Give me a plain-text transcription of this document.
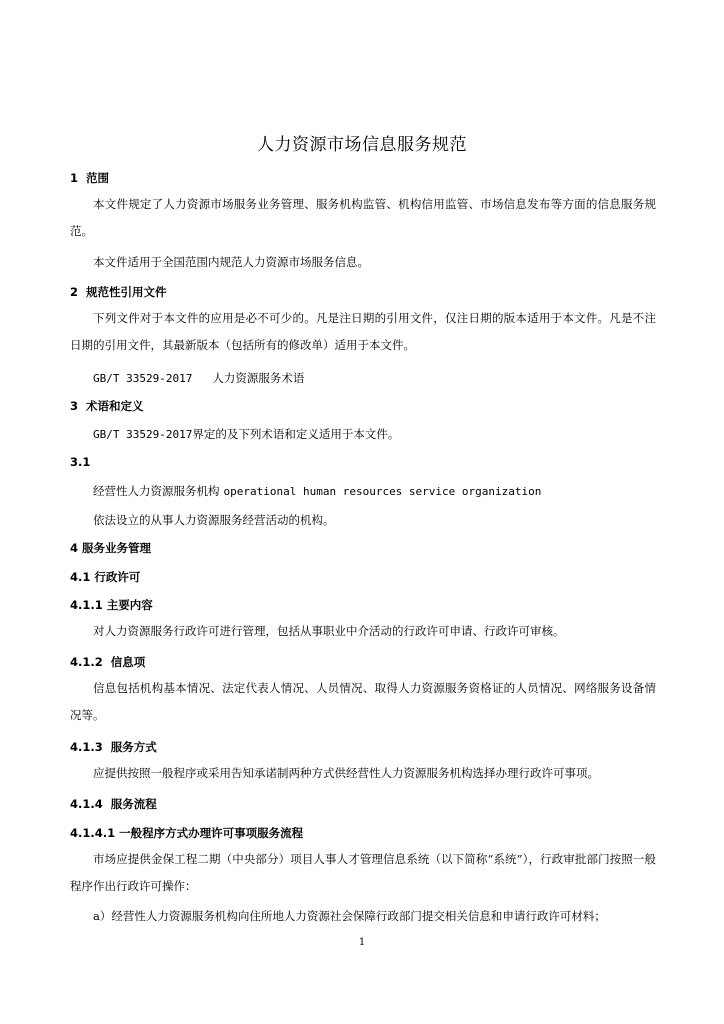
人力资源市场信息服务规范
1 范围
本文件规定了人力资源市场服务业务管理、服务机构监管、机构信用监管、市场信息发布等方面的信息服务规范。
本文件适用于全国范围内规范人力资源市场服务信息。
2 规范性引用文件
下列文件对于本文件的应用是必不可少的。凡是注日期的引用文件，仅注日期的版本适用于本文件。凡是不注日期的引用文件，其最新版本（包括所有的修改单）适用于本文件。
GB/T 33529-2017 人力资源服务术语
3 术语和定义
GB/T 33529-2017界定的及下列术语和定义适用于本文件。
3.1
经营性人力资源服务机构 operational human resources service organization
依法设立的从事人力资源服务经营活动的机构。
4 服务业务管理
4.1 行政许可
4.1.1 主要内容
对人力资源服务行政许可进行管理，包括从事职业中介活动的行政许可申请、行政许可审核。
4.1.2 信息项
信息包括机构基本情况、法定代表人情况、人员情况、取得人力资源服务资格证的人员情况、网络服务设备情况等。
4.1.3 服务方式
应提供按照一般程序或采用告知承诺制两种方式供经营性人力资源服务机构选择办理行政许可事项。
4.1.4 服务流程
4.1.4.1 一般程序方式办理许可事项服务流程
市场应提供金保工程二期（中央部分）项目人事人才管理信息系统（以下简称“系统”），行政审批部门按照一般程序作出行政许可操作：
a）经营性人力资源服务机构向住所地人力资源社会保障行政部门提交相关信息和申请行政许可材料；
1
